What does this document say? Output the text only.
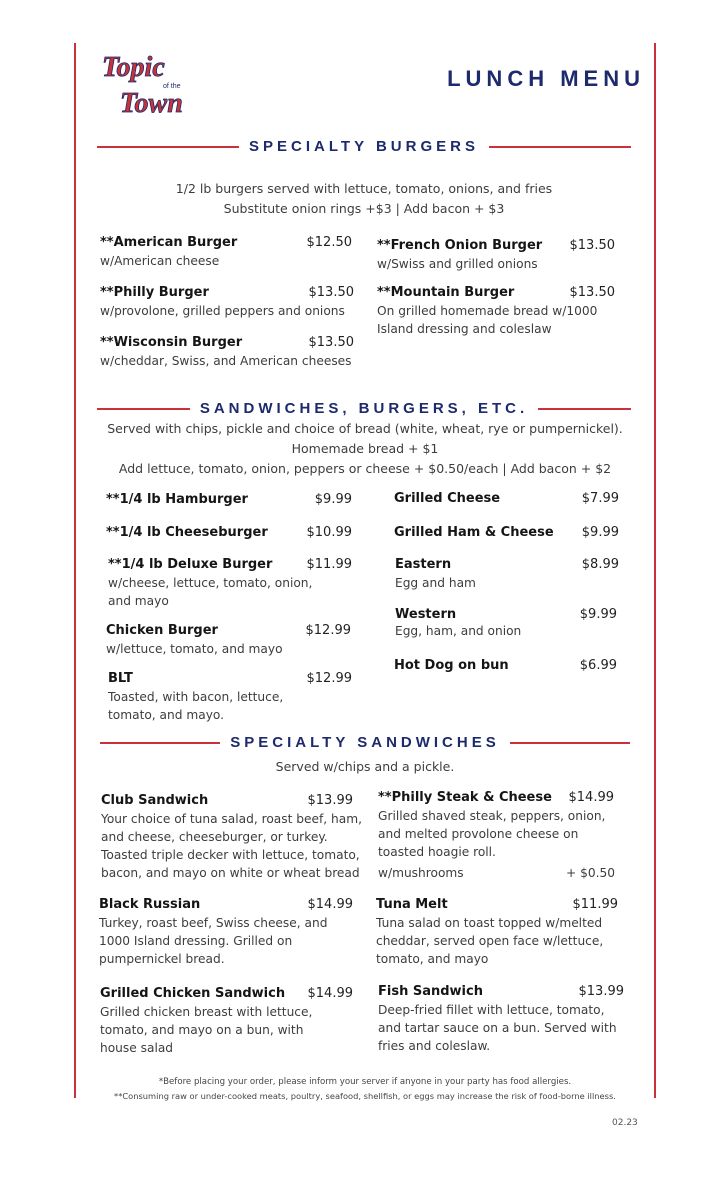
Topic
of the
Town
LUNCH MENU
SPECIALTY BURGERS
1/2 lb burgers served with lettuce, tomato, onions, and fries
Substitute onion rings +$3 | Add bacon + $3
**American Burger	$12.50
w/American cheese
**Philly Burger	$13.50
w/provolone, grilled peppers and onions
**Wisconsin Burger	$13.50
w/cheddar, Swiss, and American cheeses
**French Onion Burger	$13.50
w/Swiss and grilled onions
**Mountain Burger	$13.50
On grilled homemade bread w/1000 Island dressing and coleslaw
SANDWICHES, BURGERS, ETC.
Served with chips, pickle and choice of bread (white, wheat, rye or pumpernickel).
Homemade bread + $1
Add lettuce, tomato, onion, peppers or cheese + $0.50/each | Add bacon + $2
**1/4 lb Hamburger	$9.99
**1/4 lb Cheeseburger	$10.99
**1/4 lb Deluxe Burger	$11.99
w/cheese, lettuce, tomato, onion, and mayo
Chicken Burger	$12.99
w/lettuce, tomato, and mayo
BLT	$12.99
Toasted, with bacon, lettuce, tomato, and mayo.
Grilled Cheese	$7.99
Grilled Ham & Cheese	$9.99
Eastern	$8.99
Egg and ham
Western	$9.99
Egg, ham, and onion
Hot Dog on bun	$6.99
SPECIALTY SANDWICHES
Served w/chips and a pickle.
Club Sandwich	$13.99
Your choice of tuna salad, roast beef, ham, and cheese, cheeseburger, or turkey. Toasted triple decker with lettuce, tomato, bacon, and mayo on white or wheat bread
Black Russian	$14.99
Turkey, roast beef, Swiss cheese, and 1000 Island dressing. Grilled on pumpernickel bread.
Grilled Chicken Sandwich	$14.99
Grilled chicken breast with lettuce, tomato, and mayo on a bun, with house salad
**Philly Steak & Cheese	$14.99
Grilled shaved steak, peppers, onion, and melted provolone cheese on toasted hoagie roll.
w/mushrooms	+ $0.50
Tuna Melt	$11.99
Tuna salad on toast topped w/melted cheddar, served open face w/lettuce, tomato, and mayo
Fish Sandwich	$13.99
Deep-fried fillet with lettuce, tomato, and tartar sauce on a bun. Served with fries and coleslaw.
*Before placing your order, please inform your server if anyone in your party has food allergies.
**Consuming raw or under-cooked meats, poultry, seafood, shellfish, or eggs may increase the risk of food-borne illness.
02.23
